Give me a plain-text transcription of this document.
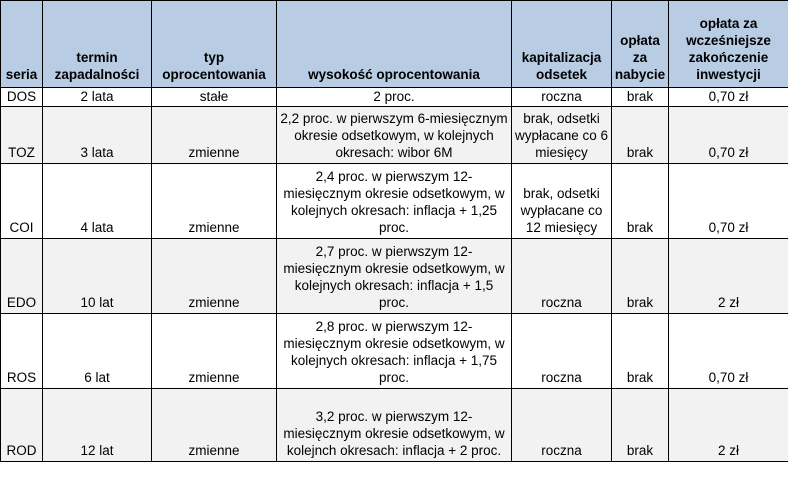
seria	termin zapadalności	typ oprocentowania	wysokość oprocentowania	kapitalizacja odsetek	opłata za nabycie	opłata za wcześniejsze zakończenie inwestycji
DOS	2 lata	stałe	2 proc.	roczna	brak	0,70 zł
TOZ	3 lata	zmienne	2,2 proc. w pierwszym 6-miesięcznym okresie odsetkowym, w kolejnych okresach: wibor 6M	brak, odsetki wypłacane co 6 miesięcy	brak	0,70 zł
COI	4 lata	zmienne	2,4 proc. w pierwszym 12-miesięcznym okresie odsetkowym, w kolejnych okresach: inflacja + 1,25 proc.	brak, odsetki wypłacane co 12 miesięcy	brak	0,70 zł
EDO	10 lat	zmienne	2,7 proc. w pierwszym 12-miesięcznym okresie odsetkowym, w kolejnych okresach: inflacja + 1,5 proc.	roczna	brak	2 zł
ROS	6 lat	zmienne	2,8 proc. w pierwszym 12-miesięcznym okresie odsetkowym, w kolejnych okresach: inflacja + 1,75 proc.	roczna	brak	0,70 zł
ROD	12 lat	zmienne	3,2 proc. w pierwszym 12-miesięcznym okresie odsetkowym, w kolejnch okresach: inflacja + 2 proc.	roczna	brak	2 zł
